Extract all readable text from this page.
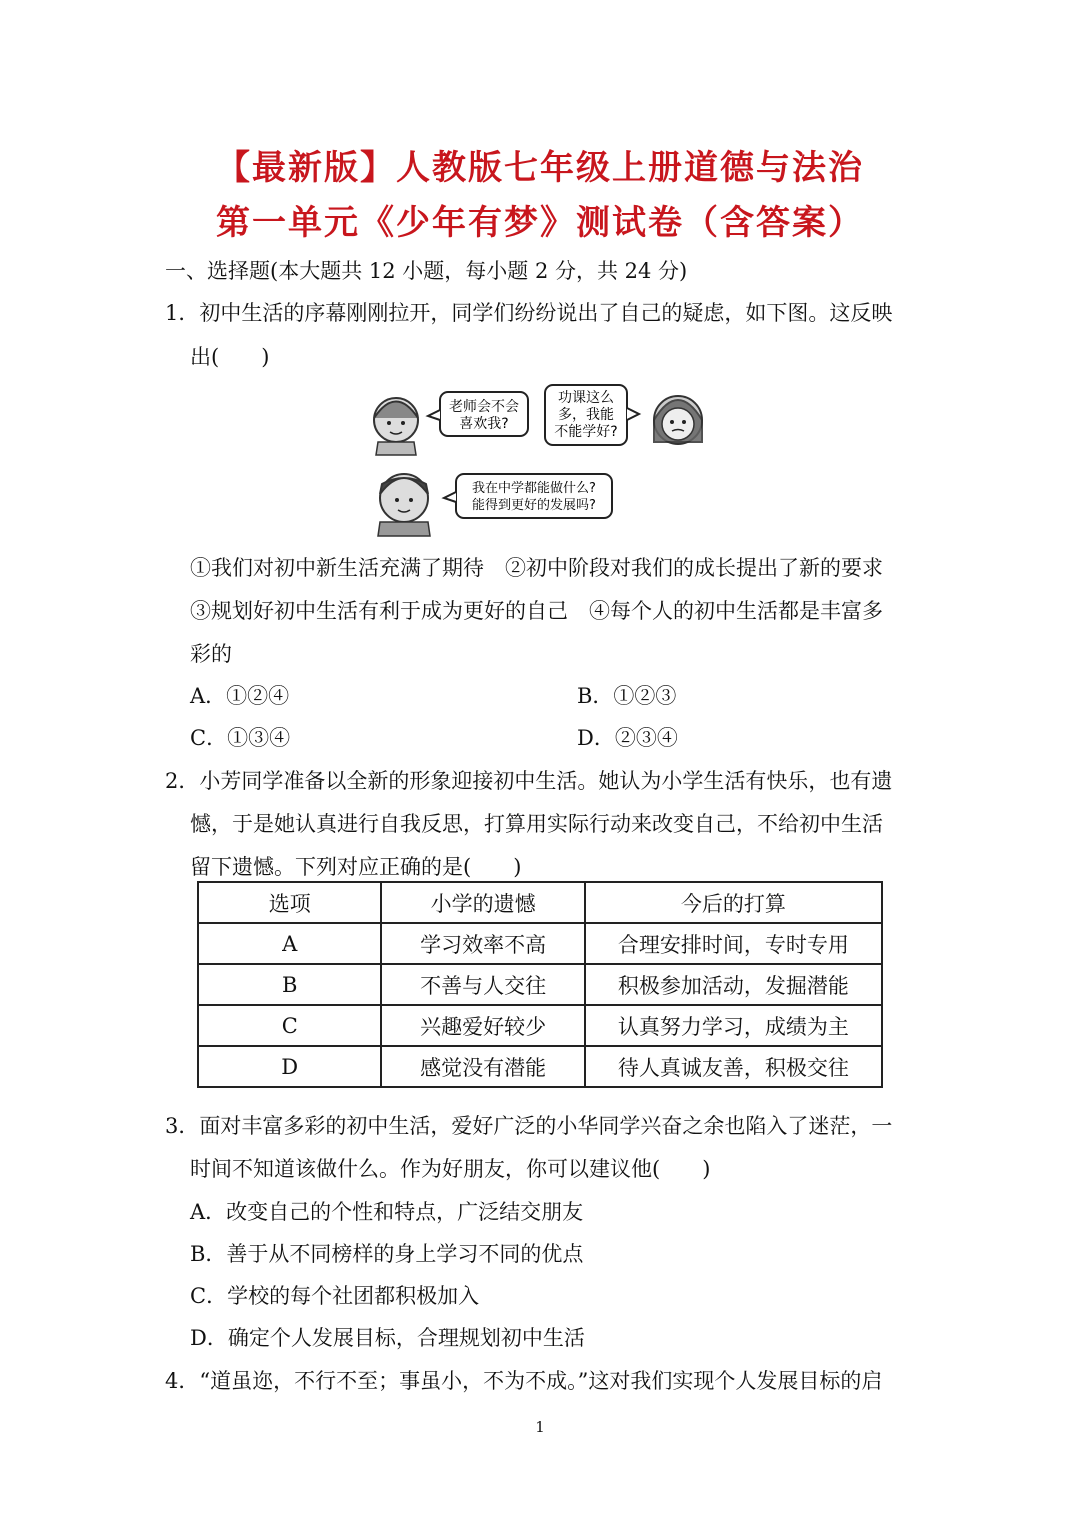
【最新版】人教版七年级上册道德与法治
第一单元《少年有梦》测试卷（含答案）
一、选择题(本大题共 12 小题，每小题 2 分，共 24 分)
1．初中生活的序幕刚刚拉开，同学们纷纷说出了自己的疑虑，如下图。这反映
出(　　)
老师会不会
喜欢我?
功课这么
多，我能
不能学好?
我在中学都能做什么?
能得到更好的发展吗?
①我们对初中新生活充满了期待　②初中阶段对我们的成长提出了新的要求
③规划好初中生活有利于成为更好的自己　④每个人的初中生活都是丰富多
彩的
A．①②④	B．①②③
C．①③④	D．②③④
2．小芳同学准备以全新的形象迎接初中生活。她认为小学生活有快乐，也有遗
憾，于是她认真进行自我反思，打算用实际行动来改变自己，不给初中生活
留下遗憾。下列对应正确的是(　　)
选项	小学的遗憾	今后的打算
A	学习效率不高	合理安排时间，专时专用
B	不善与人交往	积极参加活动，发掘潜能
C	兴趣爱好较少	认真努力学习，成绩为主
D	感觉没有潜能	待人真诚友善，积极交往
3．面对丰富多彩的初中生活，爱好广泛的小华同学兴奋之余也陷入了迷茫，一
时间不知道该做什么。作为好朋友，你可以建议他(　　)
A．改变自己的个性和特点，广泛结交朋友
B．善于从不同榜样的身上学习不同的优点
C．学校的每个社团都积极加入
D．确定个人发展目标，合理规划初中生活
4．“道虽迩，不行不至；事虽小，不为不成。”这对我们实现个人发展目标的启
1
